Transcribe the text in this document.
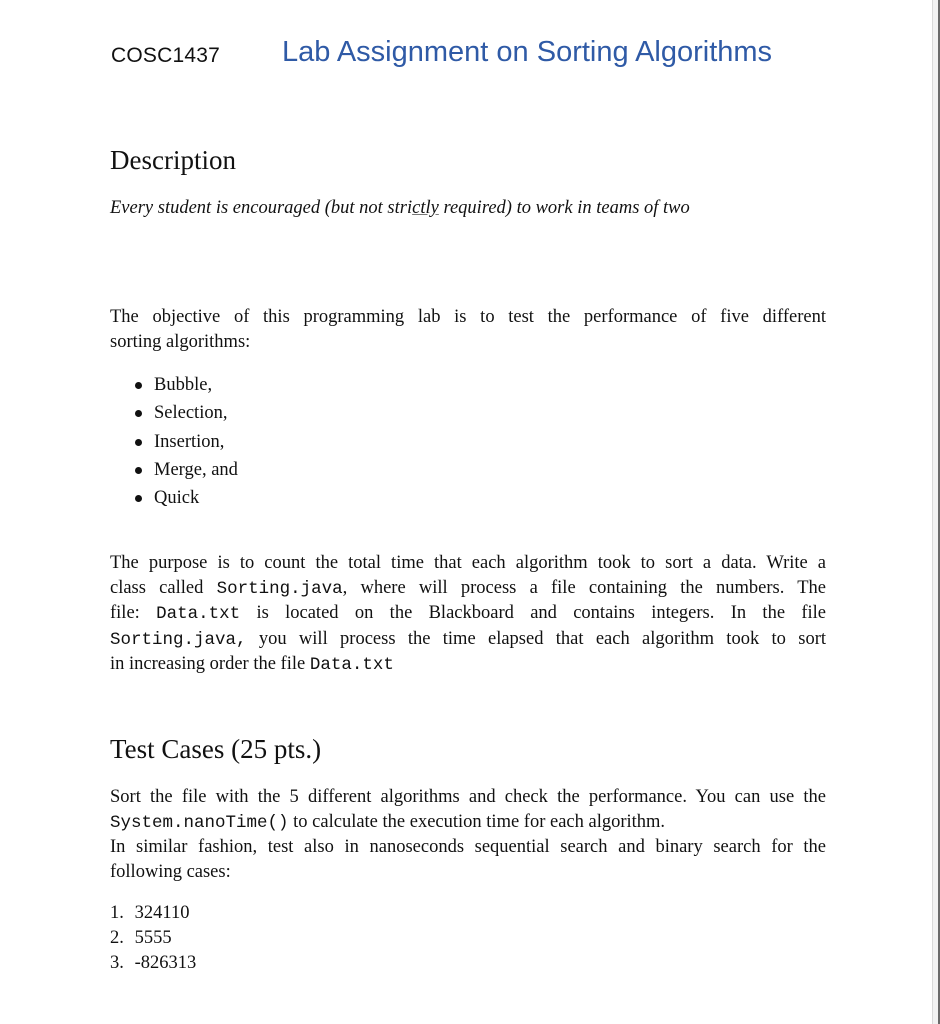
COSC1437 Lab Assignment on Sorting Algorithms
Description
Every student is encouraged (but not strictly required) to work in teams of two
The objective of this programming lab is to test the performance of five different
sorting algorithms:
Bubble,
Selection,
Insertion,
Merge, and
Quick
The purpose is to count the total time that each algorithm took to sort a data. Write a
class called Sorting.java, where will process a file containing the numbers. The
file: Data.txt is located on the Blackboard and contains integers. In the file
Sorting.java, you will process the time elapsed that each algorithm took to sort
in increasing order the file Data.txt
Test Cases (25 pts.)
Sort the file with the 5 different algorithms and check the performance. You can use the
System.nanoTime() to calculate the execution time for each algorithm.
In similar fashion, test also in nanoseconds sequential search and binary search for the
following cases:
1. 324110
2. 5555
3. -826313
